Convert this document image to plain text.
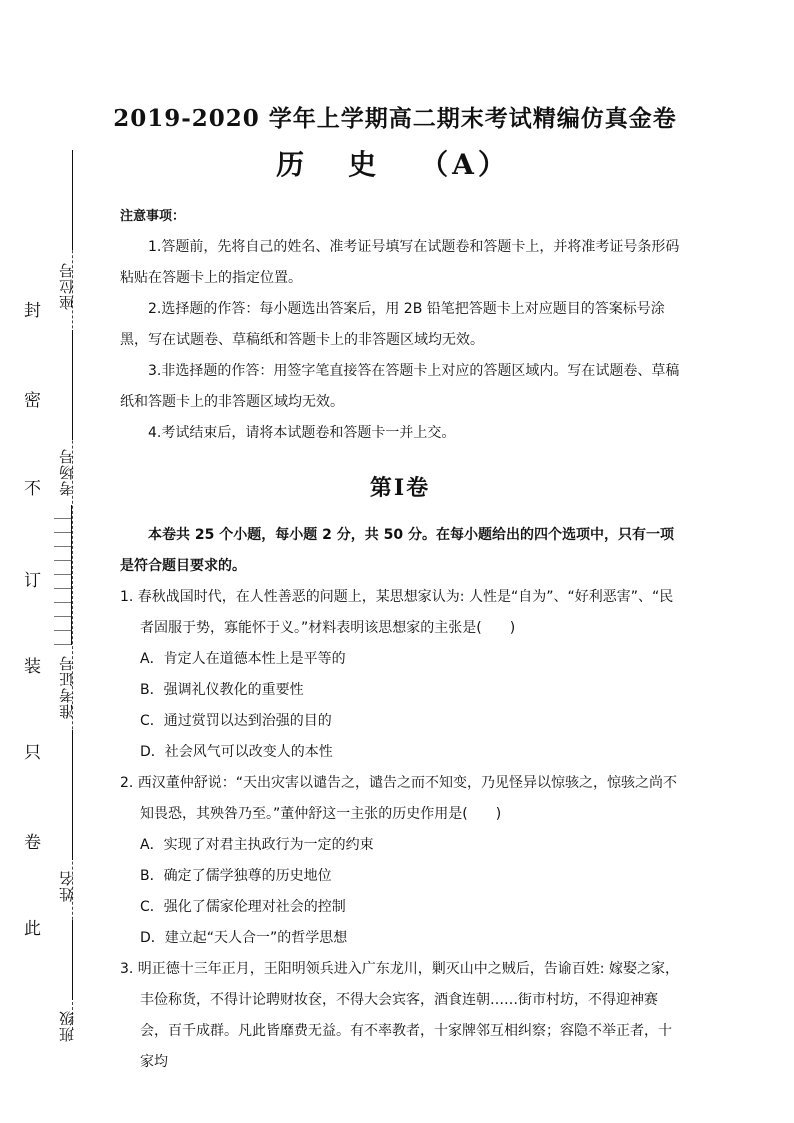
座位号
考场号
准考证号
姓名
班级
封
密
不
订
装
只
卷
此
2019-2020 学年上学期高二期末考试精编仿真金卷
历 史 （A）
注意事项：

1.答题前，先将自己的姓名、准考证号填写在试题卷和答题卡上，并将准考证号条形码粘贴在答题卡上的指定位置。

2.选择题的作答：每小题选出答案后，用 2B 铅笔把答题卡上对应题目的答案标号涂黑，写在试题卷、草稿纸和答题卡上的非答题区域均无效。

3.非选择题的作答：用签字笔直接答在答题卡上对应的答题区域内。写在试题卷、草稿纸和答题卡上的非答题区域均无效。

4.考试结束后，请将本试题卷和答题卡一并上交。

第Ⅰ卷
本卷共 25 个小题，每小题 2 分，共 50 分。在每小题给出的四个选项中，只有一项是符合题目要求的。
1. 春秋战国时代，在人性善恶的问题上，某思想家认为: 人性是“自为”、“好利恶害”、“民者固服于势，寡能怀于义。”材料表明该思想家的主张是(　　)
A．肯定人在道德本性上是平等的
B．强调礼仪教化的重要性
C．通过赏罚以达到治强的目的
D．社会风气可以改变人的本性
2. 西汉董仲舒说：“天出灾害以谴告之，谴告之而不知变，乃见怪异以惊骇之，惊骇之尚不知畏恐，其殃咎乃至。”董仲舒这一主张的历史作用是(　　)
A．实现了对君主执政行为一定的约束
B．确定了儒学独尊的历史地位
C．强化了儒家伦理对社会的控制
D．建立起“天人合一”的哲学思想
3. 明正德十三年正月，王阳明领兵进入广东龙川，剿灭山中之贼后，告谕百姓: 嫁娶之家，丰俭称货，不得计论聘财妆奁，不得大会宾客，酒食连朝……街市村坊，不得迎神赛会，百千成群。凡此皆靡费无益。有不率教者，十家牌邻互相纠察；容隐不举正者，十家均
